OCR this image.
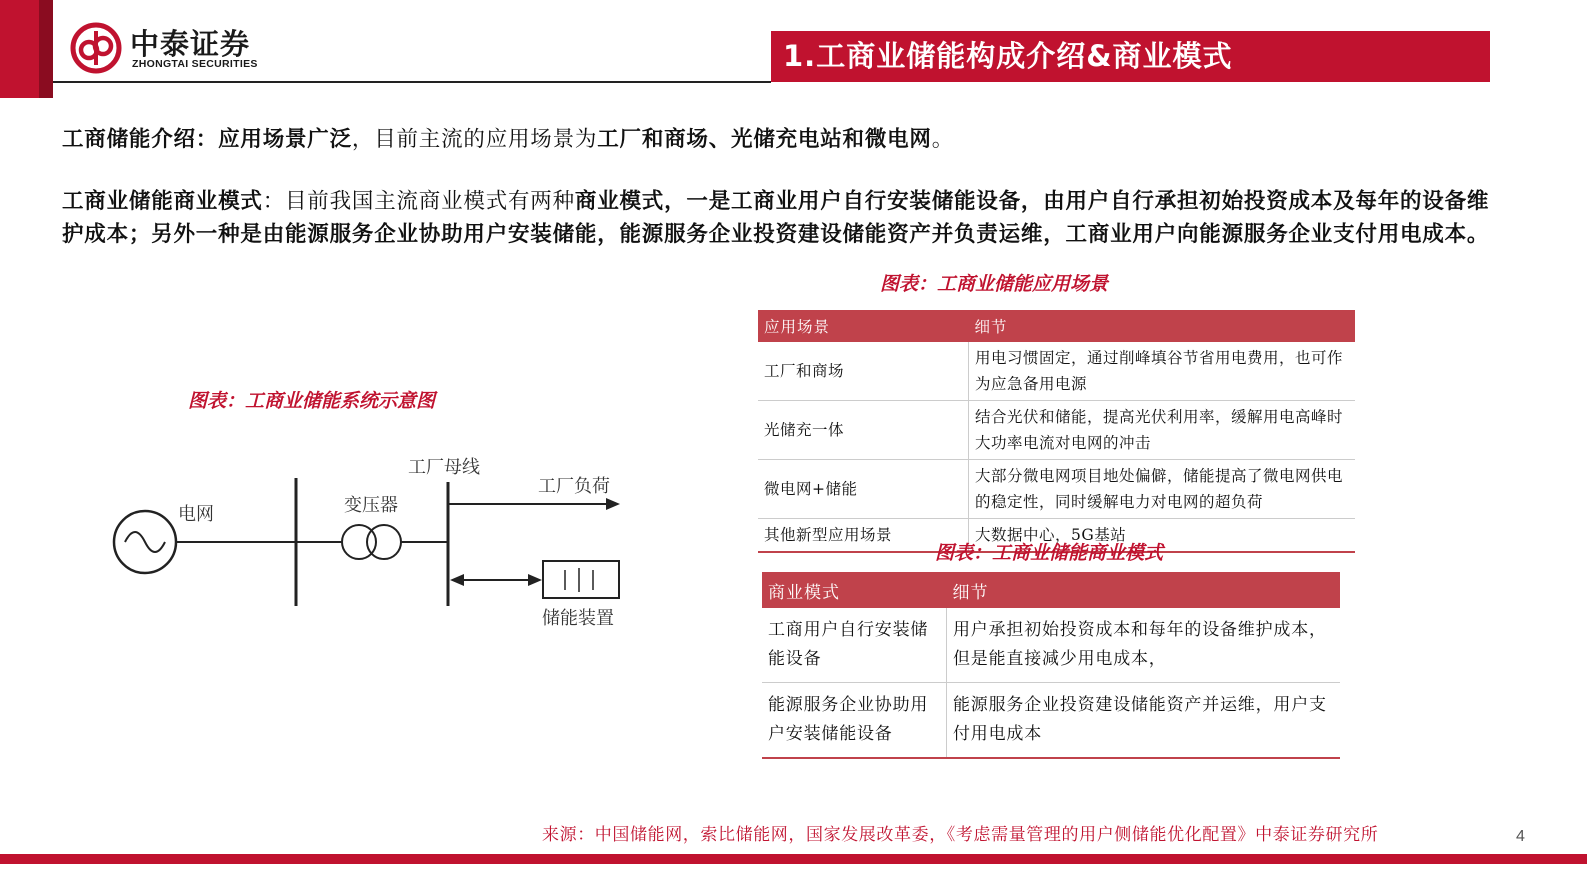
中泰证券
ZHONGTAI SECURITIES	1.工商业储能构成介绍&商业模式
工商储能介绍：应用场景广泛，目前主流的应用场景为工厂和商场、光储充电站和微电网。
工商业储能商业模式：目前我国主流商业模式有两种商业模式，一是工商业用户自行安装储能设备，由用户自行承担初始投资成本及每年的设备维护成本；另外一种是由能源服务企业协助用户安装储能，能源服务企业投资建设储能资产并负责运维，工商业用户向能源服务企业支付用电成本。
图表：工商业储能系统示意图
电网	变压器
工厂母线
工厂负荷
储能装置
图表：工商业储能应用场景
应用场景	细节
工厂和商场	用电习惯固定，通过削峰填谷节省用电费用，也可作为应急备用电源
光储充一体	结合光伏和储能，提高光伏利用率，缓解用电高峰时大功率电流对电网的冲击
微电网+储能	大部分微电网项目地处偏僻，储能提高了微电网供电的稳定性，同时缓解电力对电网的超负荷
其他新型应用场景	大数据中心，5G基站
图表：工商业储能商业模式
商业模式	细节
工商用户自行安装储能设备	用户承担初始投资成本和每年的设备维护成本，但是能直接减少用电成本，
能源服务企业协助用户安装储能设备	能源服务企业投资建设储能资产并运维，用户支付用电成本
来源：中国储能网，索比储能网，国家发展改革委，《考虑需量管理的用户侧储能优化配置》中泰证券研究所	4
